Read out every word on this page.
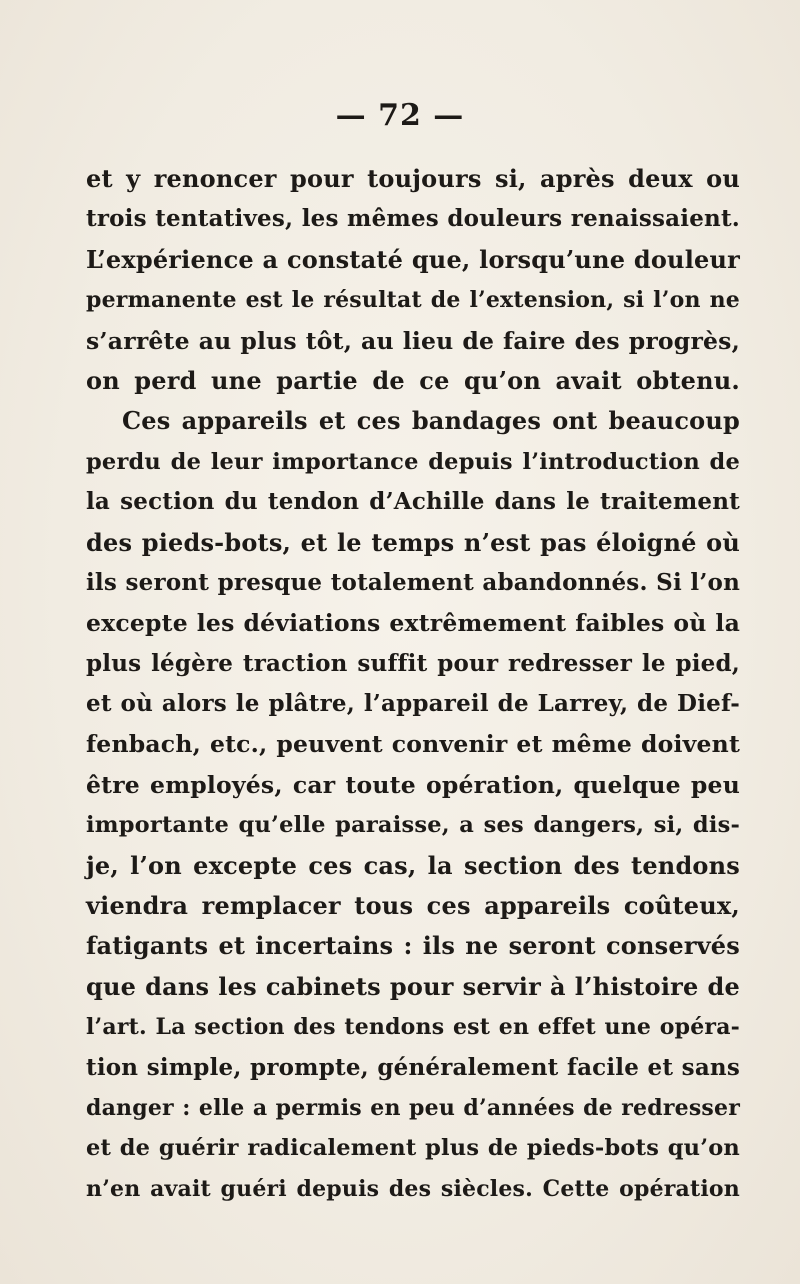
— 72 —
et y renoncer pour toujours si, après deux ou
trois tentatives, les mêmes douleurs renaissaient.
L’expérience a constaté que, lorsqu’une douleur
permanente est le résultat de l’extension, si l’on ne
s’arrête au plus tôt, au lieu de faire des progrès,
on perd une partie de ce qu’on avait obtenu.
Ces appareils et ces bandages ont beaucoup
perdu de leur importance depuis l’introduction de
la section du tendon d’Achille dans le traitement
des pieds-bots, et le temps n’est pas éloigné où
ils seront presque totalement abandonnés. Si l’on
excepte les déviations extrêmement faibles où la
plus légère traction suffit pour redresser le pied,
et où alors le plâtre, l’appareil de Larrey, de Dief-
fenbach, etc., peuvent convenir et même doivent
être employés, car toute opération, quelque peu
importante qu’elle paraisse, a ses dangers, si, dis-
je, l’on excepte ces cas, la section des tendons
viendra remplacer tous ces appareils coûteux,
fatigants et incertains : ils ne seront conservés
que dans les cabinets pour servir à l’histoire de
l’art. La section des tendons est en effet une opéra-
tion simple, prompte, généralement facile et sans
danger : elle a permis en peu d’années de redresser
et de guérir radicalement plus de pieds-bots qu’on
n’en avait guéri depuis des siècles. Cette opération
